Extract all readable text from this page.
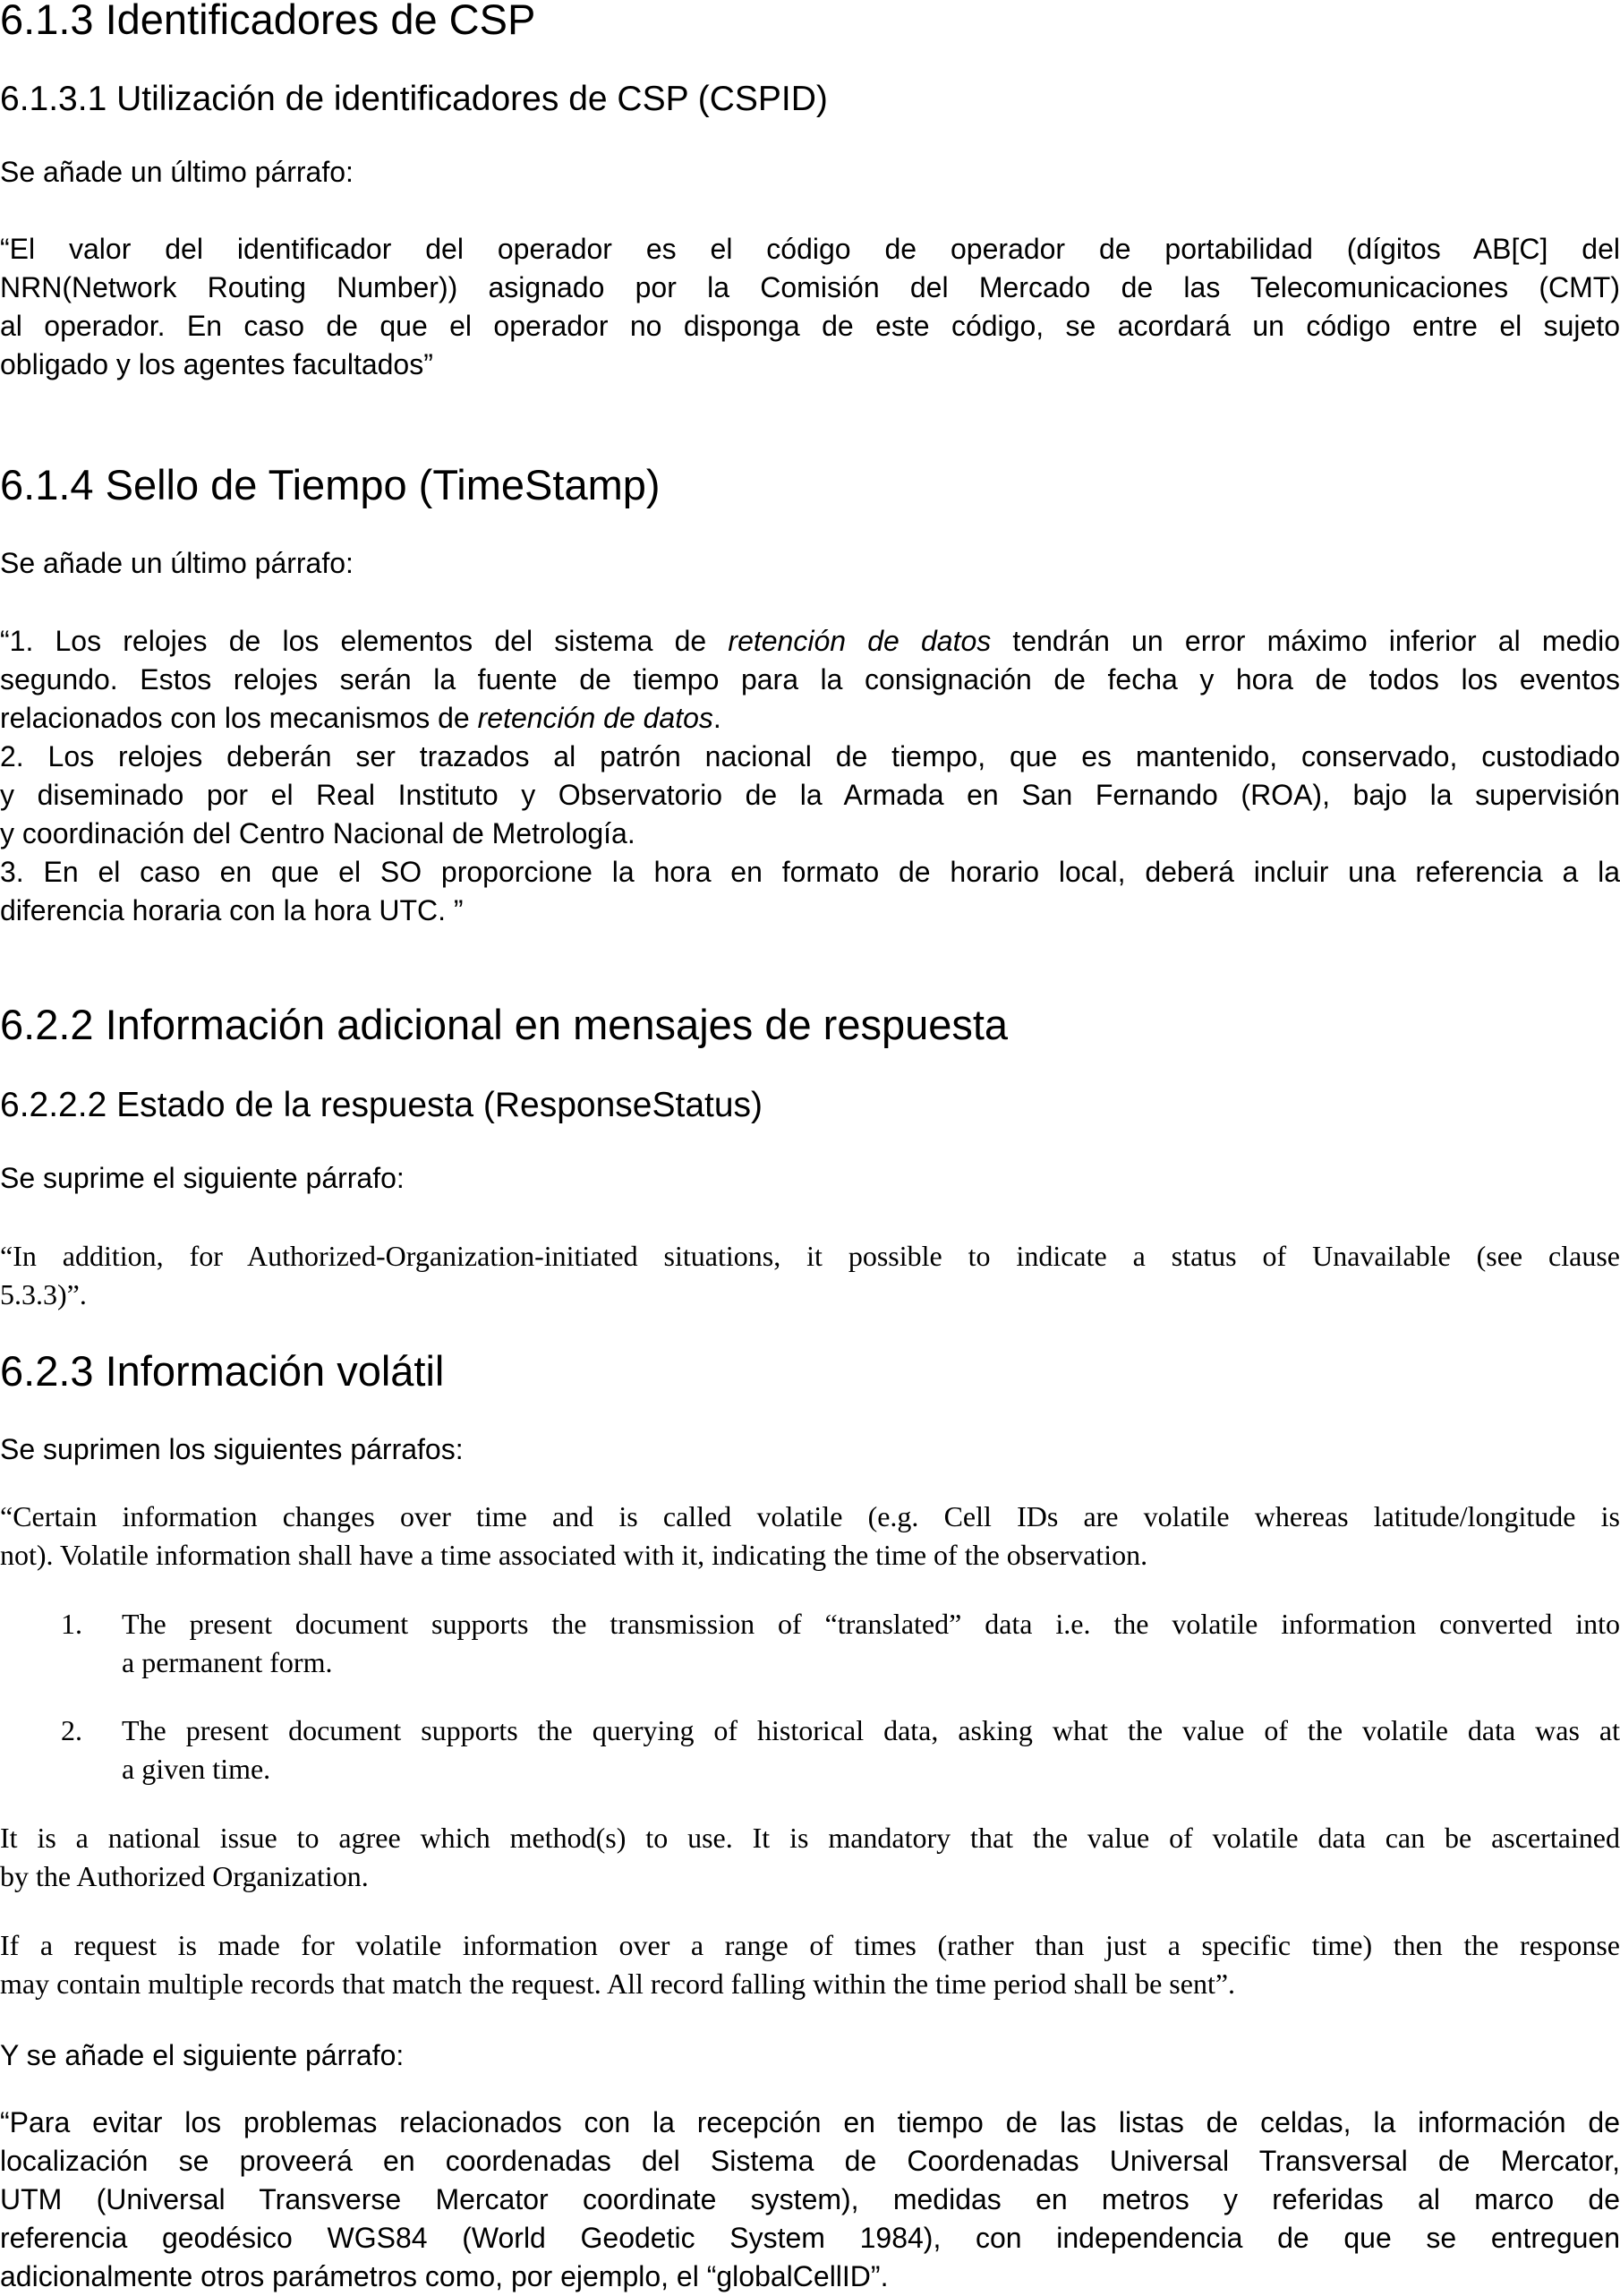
6.1.3 Identificadores de CSP
6.1.3.1 Utilización de identificadores de CSP (CSPID)
Se añade un último párrafo:
“El valor del identificador del operador es el código de operador de portabilidad (dígitos AB[C] del
NRN(Network Routing Number)) asignado por la Comisión del Mercado de las Telecomunicaciones (CMT)
al operador. En caso de que el operador no disponga de este código, se acordará un código entre el sujeto
obligado y los agentes facultados”
6.1.4 Sello de Tiempo (TimeStamp)
Se añade un último párrafo:
“1. Los relojes de los elementos del sistema de retención de datos tendrán un error máximo inferior al medio
segundo. Estos relojes serán la fuente de tiempo para la consignación de fecha y hora de todos los eventos
relacionados con los mecanismos de retención de datos.
2. Los relojes deberán ser trazados al patrón nacional de tiempo, que es mantenido, conservado, custodiado
y diseminado por el Real Instituto y Observatorio de la Armada en San Fernando (ROA), bajo la supervisión
y coordinación del Centro Nacional de Metrología.
3. En el caso en que el SO proporcione la hora en formato de horario local, deberá incluir una referencia a la
diferencia horaria con la hora UTC. ”
6.2.2 Información adicional en mensajes de respuesta
6.2.2.2 Estado de la respuesta (ResponseStatus)
Se suprime el siguiente párrafo:
“In addition, for Authorized-Organization-initiated situations, it possible to indicate a status of Unavailable (see clause
5.3.3)”.
6.2.3 Información volátil
Se suprimen los siguientes párrafos:
“Certain information changes over time and is called volatile (e.g. Cell IDs are volatile whereas latitude/longitude is
not). Volatile information shall have a time associated with it, indicating the time of the observation.
1.	The present document supports the transmission of “translated” data i.e. the volatile information converted into
a permanent form.
2.	The present document supports the querying of historical data, asking what the value of the volatile data was at
a given time.
It is a national issue to agree which method(s) to use. It is mandatory that the value of volatile data can be ascertained
by the Authorized Organization.
If a request is made for volatile information over a range of times (rather than just a specific time) then the response
may contain multiple records that match the request. All record falling within the time period shall be sent”.
Y se añade el siguiente párrafo:
“Para evitar los problemas relacionados con la recepción en tiempo de las listas de celdas, la información de
localización se proveerá en coordenadas del Sistema de Coordenadas Universal Transversal de Mercator,
UTM (Universal Transverse Mercator coordinate system), medidas en metros y referidas al marco de
referencia geodésico WGS84 (World Geodetic System 1984), con independencia de que se entreguen
adicionalmente otros parámetros como, por ejemplo, el “globalCellID”.
